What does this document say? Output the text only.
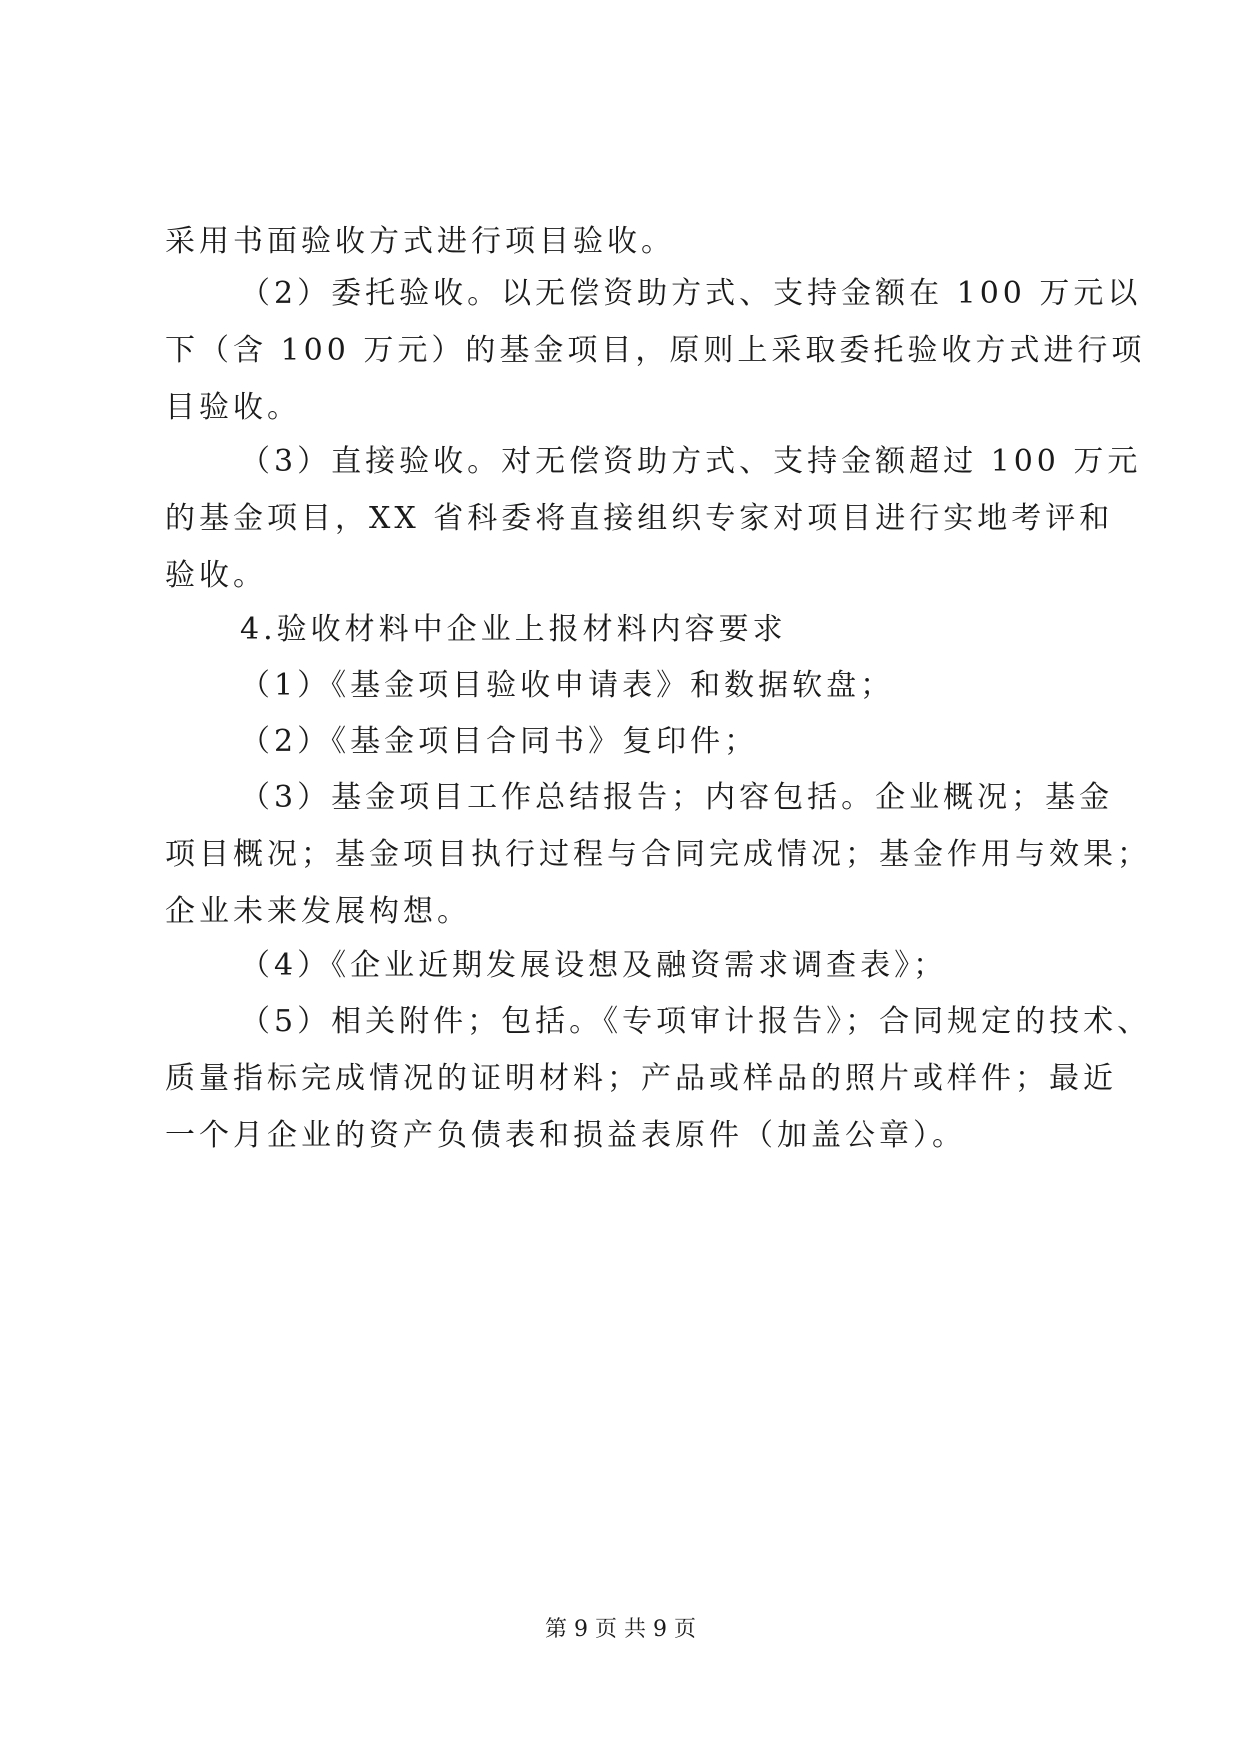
采用书面验收方式进行项目验收。
（2）委托验收。以无偿资助方式、支持金额在 100 万元以
下（含 100 万元）的基金项目，原则上采取委托验收方式进行项
目验收。
（3）直接验收。对无偿资助方式、支持金额超过 100 万元
的基金项目，XX 省科委将直接组织专家对项目进行实地考评和
验收。
4.验收材料中企业上报材料内容要求
（1）《基金项目验收申请表》和数据软盘；
（2）《基金项目合同书》复印件；
（3）基金项目工作总结报告；内容包括。企业概况；基金
项目概况；基金项目执行过程与合同完成情况；基金作用与效果；
企业未来发展构想。
（4）《企业近期发展设想及融资需求调查表》；
（5）相关附件；包括。《专项审计报告》；合同规定的技术、
质量指标完成情况的证明材料；产品或样品的照片或样件；最近
一个月企业的资产负债表和损益表原件（加盖公章）。
第 9 页 共 9 页
